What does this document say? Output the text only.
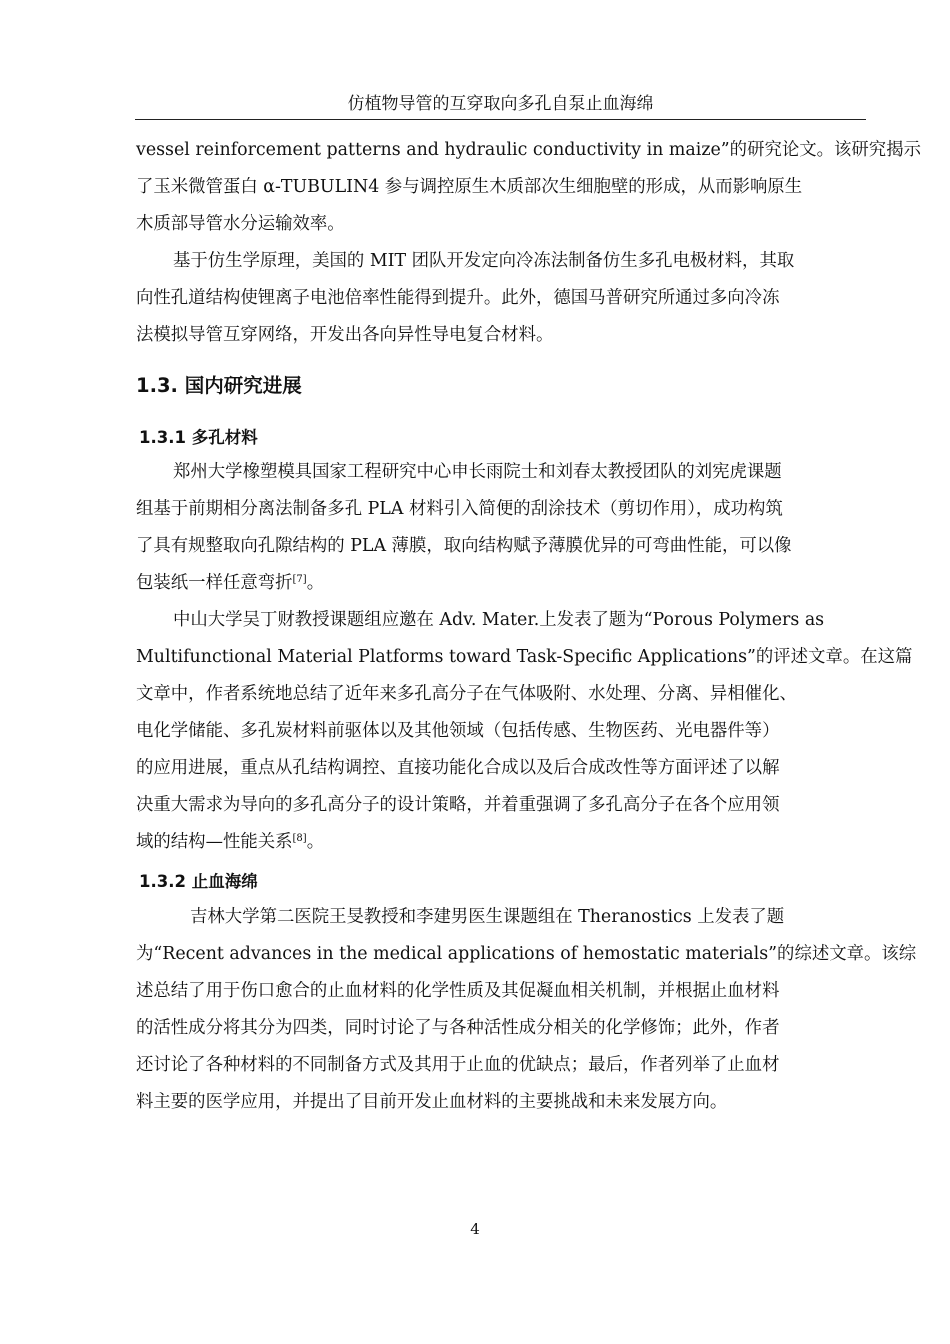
仿植物导管的互穿取向多孔自泵止血海绵
vessel reinforcement patterns and hydraulic conductivity in maize”的研究论文。该研究揭示
了玉米微管蛋白 α-TUBULIN4 参与调控原生木质部次生细胞壁的形成，从而影响原生
木质部导管水分运输效率。
基于仿生学原理，美国的 MIT 团队开发定向冷冻法制备仿生多孔电极材料，其取
向性孔道结构使锂离子电池倍率性能得到提升。此外，德国马普研究所通过多向冷冻
法模拟导管互穿网络，开发出各向异性导电复合材料。
1.3. 国内研究进展
1.3.1 多孔材料
郑州大学橡塑模具国家工程研究中心申长雨院士和刘春太教授团队的刘宪虎课题
组基于前期相分离法制备多孔 PLA 材料引入简便的刮涂技术（剪切作用），成功构筑
了具有规整取向孔隙结构的 PLA 薄膜，取向结构赋予薄膜优异的可弯曲性能，可以像
包装纸一样任意弯折[7]。
中山大学吴丁财教授课题组应邀在 Adv. Mater.上发表了题为“Porous Polymers as
Multifunctional Material Platforms toward Task-Specific Applications”的评述文章。在这篇
文章中，作者系统地总结了近年来多孔高分子在气体吸附、水处理、分离、异相催化、
电化学储能、多孔炭材料前驱体以及其他领域（包括传感、生物医药、光电器件等）
的应用进展，重点从孔结构调控、直接功能化合成以及后合成改性等方面评述了以解
决重大需求为导向的多孔高分子的设计策略，并着重强调了多孔高分子在各个应用领
域的结构—性能关系[8]。
1.3.2 止血海绵
吉林大学第二医院王旻教授和李建男医生课题组在 Theranostics 上发表了题
为“Recent advances in the medical applications of hemostatic materials”的综述文章。该综
述总结了用于伤口愈合的止血材料的化学性质及其促凝血相关机制，并根据止血材料
的活性成分将其分为四类，同时讨论了与各种活性成分相关的化学修饰；此外，作者
还讨论了各种材料的不同制备方式及其用于止血的优缺点；最后，作者列举了止血材
料主要的医学应用，并提出了目前开发止血材料的主要挑战和未来发展方向。
4
